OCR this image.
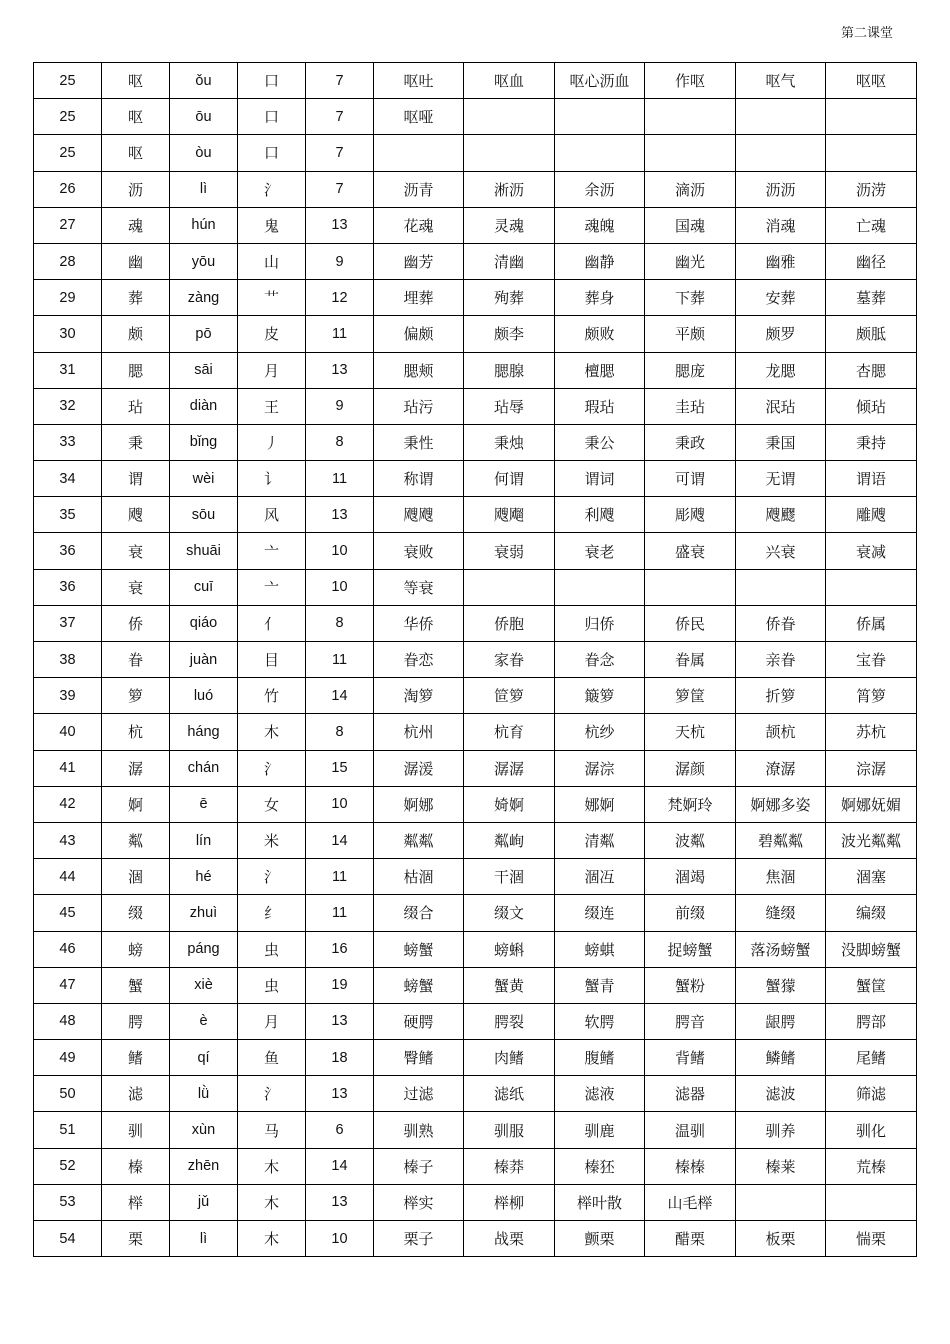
第二课堂
25	呕	ǒu	口	7	呕吐	呕血	呕心沥血	作呕	呕气	呕呕
25	呕	ōu	口	7	呕哑					
25	呕	òu	口	7						
26	沥	lì	氵	7	沥青	淅沥	余沥	滴沥	沥沥	沥涝
27	魂	hún	鬼	13	花魂	灵魂	魂魄	国魂	消魂	亡魂
28	幽	yōu	山	9	幽芳	清幽	幽静	幽光	幽雅	幽径
29	葬	zàng	艹	12	埋葬	殉葬	葬身	下葬	安葬	墓葬
30	颇	pō	皮	11	偏颇	颇李	颇败	平颇	颇罗	颇胝
31	腮	sāi	月	13	腮颊	腮腺	檀腮	腮庞	龙腮	杏腮
32	玷	diàn	王	9	玷污	玷辱	瑕玷	圭玷	泯玷	倾玷
33	秉	bǐng	丿	8	秉性	秉烛	秉公	秉政	秉国	秉持
34	谓	wèi	讠	11	称谓	何谓	谓词	可谓	无谓	谓语
35	飕	sōu	风	13	飕飕	飕飗	利飕	彫飕	飕飂	雕飕
36	衰	shuāi	亠	10	衰败	衰弱	衰老	盛衰	兴衰	衰减
36	衰	cuī	亠	10	等衰					
37	侨	qiáo	亻	8	华侨	侨胞	归侨	侨民	侨眷	侨属
38	眷	juàn	目	11	眷恋	家眷	眷念	眷属	亲眷	宝眷
39	箩	luó	竹	14	淘箩	笸箩	簸箩	箩筐	折箩	筲箩
40	杭	háng	木	8	杭州	杭育	杭纱	天杭	颉杭	苏杭
41	潺	chán	氵	15	潺湲	潺潺	潺淙	潺颜	潦潺	淙潺
42	婀	ē	女	10	婀娜	婍婀	娜婀	梵婀玲	婀娜多姿	婀娜妩媚
43	粼	lín	米	14	粼粼	粼峋	清粼	波粼	碧粼粼	波光粼粼
44	涸	hé	氵	11	枯涸	干涸	涸冱	涸竭	焦涸	涸塞
45	缀	zhuì	纟	11	缀合	缀文	缀连	前缀	缝缀	编缀
46	螃	páng	虫	16	螃蟹	螃蝌	螃蜞	捉螃蟹	落汤螃蟹	没脚螃蟹
47	蟹	xiè	虫	19	螃蟹	蟹黄	蟹青	蟹粉	蟹獴	蟹筐
48	腭	è	月	13	硬腭	腭裂	软腭	腭音	龈腭	腭部
49	鳍	qí	鱼	18	臀鳍	肉鳍	腹鳍	背鳍	鳞鳍	尾鳍
50	滤	lǜ	氵	13	过滤	滤纸	滤液	滤器	滤波	筛滤
51	驯	xùn	马	6	驯熟	驯服	驯鹿	温驯	驯养	驯化
52	榛	zhēn	木	14	榛子	榛莽	榛狉	榛榛	榛莱	荒榛
53	榉	jǔ	木	13	榉实	榉柳	榉叶散	山毛榉		
54	栗	lì	木	10	栗子	战栗	颤栗	醋栗	板栗	惴栗
